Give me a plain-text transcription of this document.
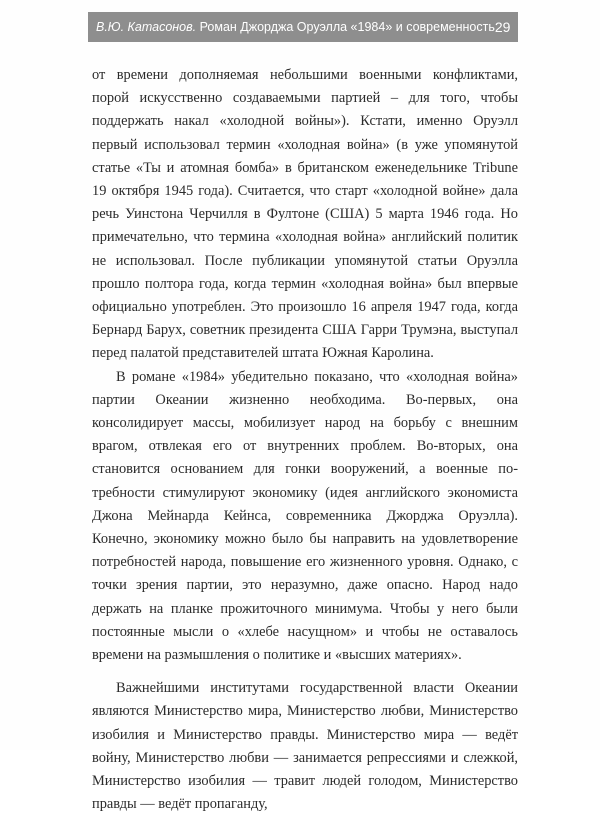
В.Ю. Катасонов. Роман Джорджа Оруэлла «1984» и современность 29

от времени дополняемая небольшими военными конфликтами, порой искусственно создаваемыми партией – для того, чтобы поддержать накал «холодной войны»). Кстати, именно Оруэлл первый использовал термин «холодная война» (в уже упомянутой статье «Ты и атомная бомба» в британском еженедельнике Tribune 19 октября 1945 года). Считается, что старт «холодной войне» дала речь Уинстона Черчилля в Фултоне (США) 5 марта 1946 года. Но примечательно, что термина «холодная война» английский политик не использовал. После публикации упомянутой статьи Оруэлла прошло полтора года, когда термин «холодная война» был впервые официально употреблен. Это произошло 16 апреля 1947 года, когда Бернард Барух, советник президента США Гарри Трумэна, выступал перед палатой представителей штата Южная Каролина.

В романе «1984» убедительно показано, что «холодная война» партии Океании жизненно необходима. Во-первых, она консолидирует массы, мобилизует народ на борьбу с внешним врагом, отвлекая его от внутренних проблем. Во-вторых, она становится основанием для гонки вооружений, а военные потребности стимулируют экономику (идея английского экономиста Джона Мейнарда Кейнса, современника Джорджа Оруэлла). Конечно, экономику можно было бы направить на удовлетворение потребностей народа, повышение его жизненного уровня. Однако, с точки зрения партии, это неразумно, даже опасно. Народ надо держать на планке прожиточного минимума. Чтобы у него были постоянные мысли о «хлебе насущном» и чтобы не оставалось времени на размышления о политике и «высших материях».

Важнейшими институтами государственной власти Океании являются Министерство мира, Министерство любви, Министерство изобилия и Министерство правды. Министерство мира — ведёт войну, Министерство любви — занимается репрессиями и слежкой, Министерство изобилия — травит людей голодом, Министерство правды — ведёт пропаганду,
